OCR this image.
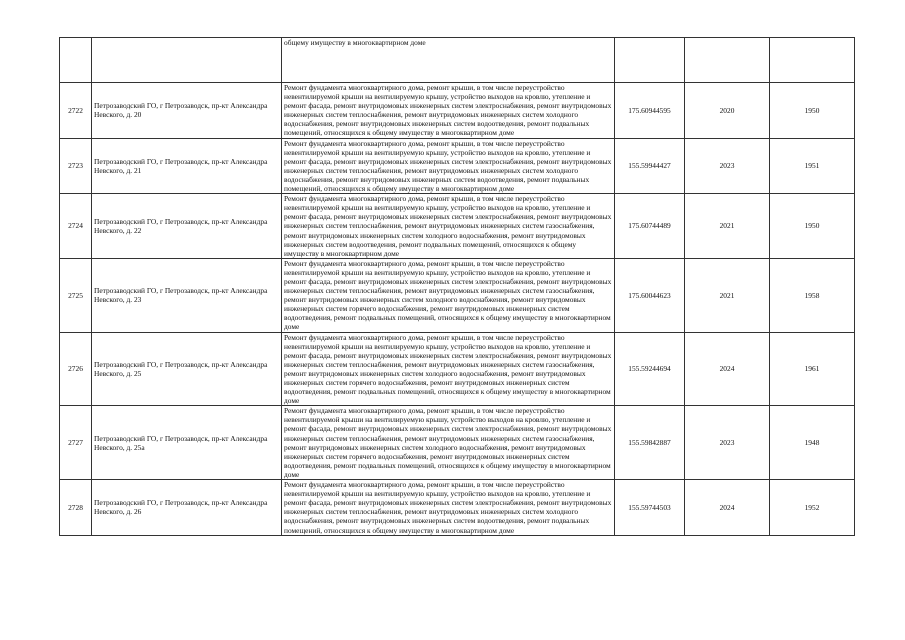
		общему имуществу в многоквартирном доме			
2722	Петрозаводский ГО, г Петрозаводск, пр-кт Александра Невского, д. 20	Ремонт фундамента многоквартирного дома, ремонт крыши, в том числе переустройство невентилируемой крыши на вентилируемую крышу, устройство выходов на кровлю, утепление и ремонт фасада, ремонт внутридомовых инженерных систем электроснабжения, ремонт внутридомовых инженерных систем теплоснабжения, ремонт внутридомовых инженерных систем холодного водоснабжения, ремонт внутридомовых инженерных систем водоотведения, ремонт подвальных помещений, относящихся к общему имуществу в многоквартирном доме	175.60944595	2020	1950
2723	Петрозаводский ГО, г Петрозаводск, пр-кт Александра Невского, д. 21	Ремонт фундамента многоквартирного дома, ремонт крыши, в том числе переустройство невентилируемой крыши на вентилируемую крышу, устройство выходов на кровлю, утепление и ремонт фасада, ремонт внутридомовых инженерных систем электроснабжения, ремонт внутридомовых инженерных систем теплоснабжения, ремонт внутридомовых инженерных систем холодного водоснабжения, ремонт внутридомовых инженерных систем водоотведения, ремонт подвальных помещений, относящихся к общему имуществу в многоквартирном доме	155.59944427	2023	1951
2724	Петрозаводский ГО, г Петрозаводск, пр-кт Александра Невского, д. 22	Ремонт фундамента многоквартирного дома, ремонт крыши, в том числе переустройство невентилируемой крыши на вентилируемую крышу, устройство выходов на кровлю, утепление и ремонт фасада, ремонт внутридомовых инженерных систем электроснабжения, ремонт внутридомовых инженерных систем теплоснабжения, ремонт внутридомовых инженерных систем газоснабжения, ремонт внутридомовых инженерных систем холодного водоснабжения, ремонт внутридомовых инженерных систем водоотведения, ремонт подвальных помещений, относящихся к общему имуществу в многоквартирном доме	175.60744489	2021	1950
2725	Петрозаводский ГО, г Петрозаводск, пр-кт Александра Невского, д. 23	Ремонт фундамента многоквартирного дома, ремонт крыши, в том числе переустройство невентилируемой крыши на вентилируемую крышу, устройство выходов на кровлю, утепление и ремонт фасада, ремонт внутридомовых инженерных систем электроснабжения, ремонт внутридомовых инженерных систем теплоснабжения, ремонт внутридомовых инженерных систем газоснабжения, ремонт внутридомовых инженерных систем холодного водоснабжения, ремонт внутридомовых инженерных систем горячего водоснабжения, ремонт внутридомовых инженерных систем водоотведения, ремонт подвальных помещений, относящихся к общему имуществу в многоквартирном доме	175.60044623	2021	1958
2726	Петрозаводский ГО, г Петрозаводск, пр-кт Александра Невского, д. 25	Ремонт фундамента многоквартирного дома, ремонт крыши, в том числе переустройство невентилируемой крыши на вентилируемую крышу, устройство выходов на кровлю, утепление и ремонт фасада, ремонт внутридомовых инженерных систем электроснабжения, ремонт внутридомовых инженерных систем теплоснабжения, ремонт внутридомовых инженерных систем газоснабжения, ремонт внутридомовых инженерных систем холодного водоснабжения, ремонт внутридомовых инженерных систем горячего водоснабжения, ремонт внутридомовых инженерных систем водоотведения, ремонт подвальных помещений, относящихся к общему имуществу в многоквартирном доме	155.59244694	2024	1961
2727	Петрозаводский ГО, г Петрозаводск, пр-кт Александра Невского, д. 25а	Ремонт фундамента многоквартирного дома, ремонт крыши, в том числе переустройство невентилируемой крыши на вентилируемую крышу, устройство выходов на кровлю, утепление и ремонт фасада, ремонт внутридомовых инженерных систем электроснабжения, ремонт внутридомовых инженерных систем теплоснабжения, ремонт внутридомовых инженерных систем газоснабжения, ремонт внутридомовых инженерных систем холодного водоснабжения, ремонт внутридомовых инженерных систем горячего водоснабжения, ремонт внутридомовых инженерных систем водоотведения, ремонт подвальных помещений, относящихся к общему имуществу в многоквартирном доме	155.59842887	2023	1948
2728	Петрозаводский ГО, г Петрозаводск, пр-кт Александра Невского, д. 26	Ремонт фундамента многоквартирного дома, ремонт крыши, в том числе переустройство невентилируемой крыши на вентилируемую крышу, устройство выходов на кровлю, утепление и ремонт фасада, ремонт внутридомовых инженерных систем электроснабжения, ремонт внутридомовых инженерных систем теплоснабжения, ремонт внутридомовых инженерных систем холодного водоснабжения, ремонт внутридомовых инженерных систем водоотведения, ремонт подвальных помещений, относящихся к общему имуществу в многоквартирном доме	155.59744503	2024	1952
